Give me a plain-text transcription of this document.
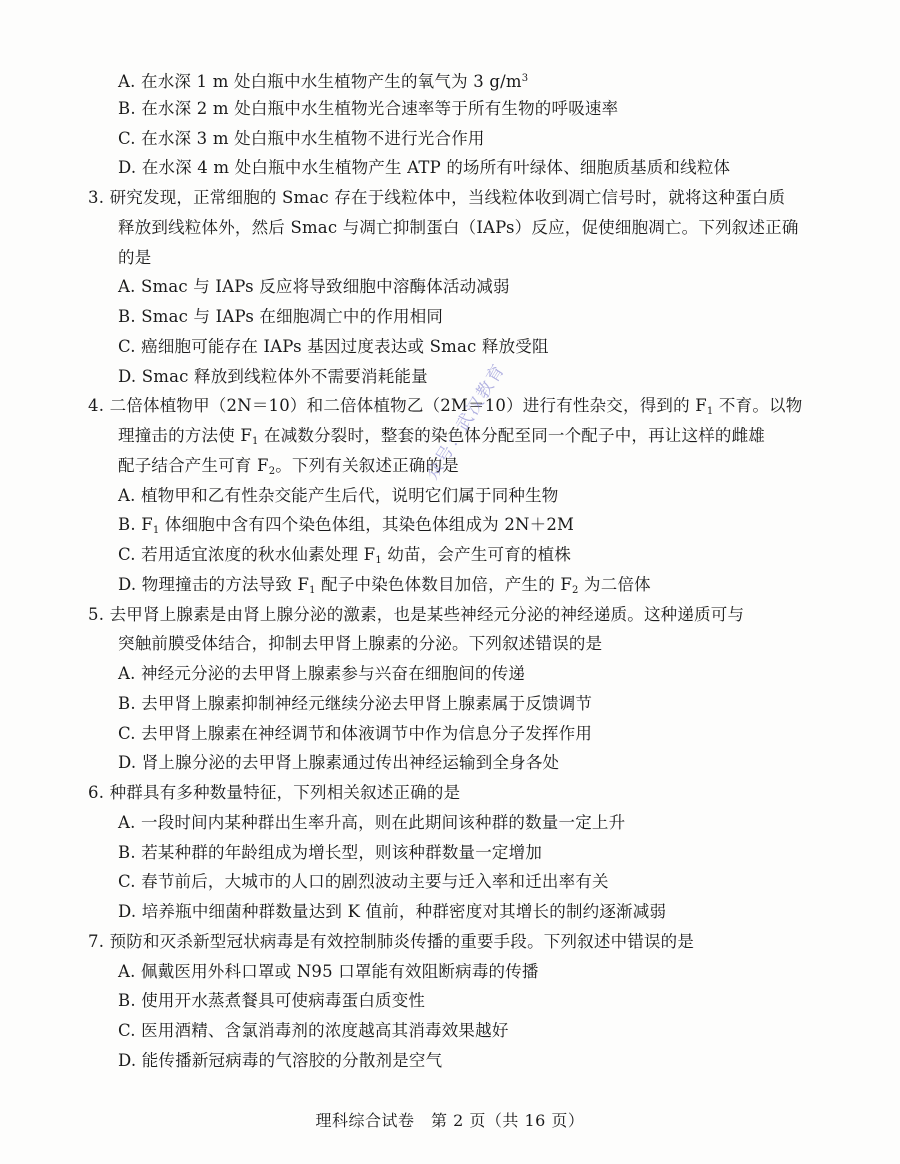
A. 在水深 1 m 处白瓶中水生植物产生的氧气为 3 $g/m^3$
B. 在水深 2 m 处白瓶中水生植物光合速率等于所有生物的呼吸速率
C. 在水深 3 m 处白瓶中水生植物不进行光合作用
D. 在水深 4 m 处白瓶中水生植物产生 ATP 的场所有叶绿体、细胞质基质和线粒体
3. 研究发现，正常细胞的 Smac 存在于线粒体中，当线粒体收到凋亡信号时，就将这种蛋白质
释放到线粒体外，然后 Smac 与凋亡抑制蛋白（IAPs）反应，促使细胞凋亡。下列叙述正确
的是
A. Smac 与 IAPs 反应将导致细胞中溶酶体活动减弱
B. Smac 与 IAPs 在细胞凋亡中的作用相同
C. 癌细胞可能存在 IAPs 基因过度表达或 Smac 释放受阻
D. Smac 释放到线粒体外不需要消耗能量
4. 二倍体植物甲（2N＝10）和二倍体植物乙（2M＝10）进行有性杂交，得到的 $F_1$ 不育。以物
理撞击的方法使 $F_1$ 在减数分裂时，整套的染色体分配至同一个配子中，再让这样的雌雄
配子结合产生可育 $F_2$。下列有关叙述正确的是
A. 植物甲和乙有性杂交能产生后代，说明它们属于同种生物
B. $F_1$ 体细胞中含有四个染色体组，其染色体组成为 2N＋2M
C. 若用适宜浓度的秋水仙素处理 $F_1$ 幼苗，会产生可育的植株
D. 物理撞击的方法导致 $F_1$ 配子中染色体数目加倍，产生的 $F_2$ 为二倍体
5. 去甲肾上腺素是由肾上腺分泌的激素，也是某些神经元分泌的神经递质。这种递质可与
突触前膜受体结合，抑制去甲肾上腺素的分泌。下列叙述错误的是
A. 神经元分泌的去甲肾上腺素参与兴奋在细胞间的传递
B. 去甲肾上腺素抑制神经元继续分泌去甲肾上腺素属于反馈调节
C. 去甲肾上腺素在神经调节和体液调节中作为信息分子发挥作用
D. 肾上腺分泌的去甲肾上腺素通过传出神经运输到全身各处
6. 种群具有多种数量特征，下列相关叙述正确的是
A. 一段时间内某种群出生率升高，则在此期间该种群的数量一定上升
B. 若某种群的年龄组成为增长型，则该种群数量一定增加
C. 春节前后，大城市的人口的剧烈波动主要与迁入率和迁出率有关
D. 培养瓶中细菌种群数量达到 K 值前，种群密度对其增长的制约逐渐减弱
7. 预防和灭杀新型冠状病毒是有效控制肺炎传播的重要手段。下列叙述中错误的是
A. 佩戴医用外科口罩或 N95 口罩能有效阻断病毒的传播
B. 使用开水蒸煮餐具可使病毒蛋白质变性
C. 医用酒精、含氯消毒剂的浓度越高其消毒效果越好
D. 能传播新冠病毒的气溶胶的分散剂是空气
众号：武汉教育
理科综合试卷　第 2 页（共 16 页）
